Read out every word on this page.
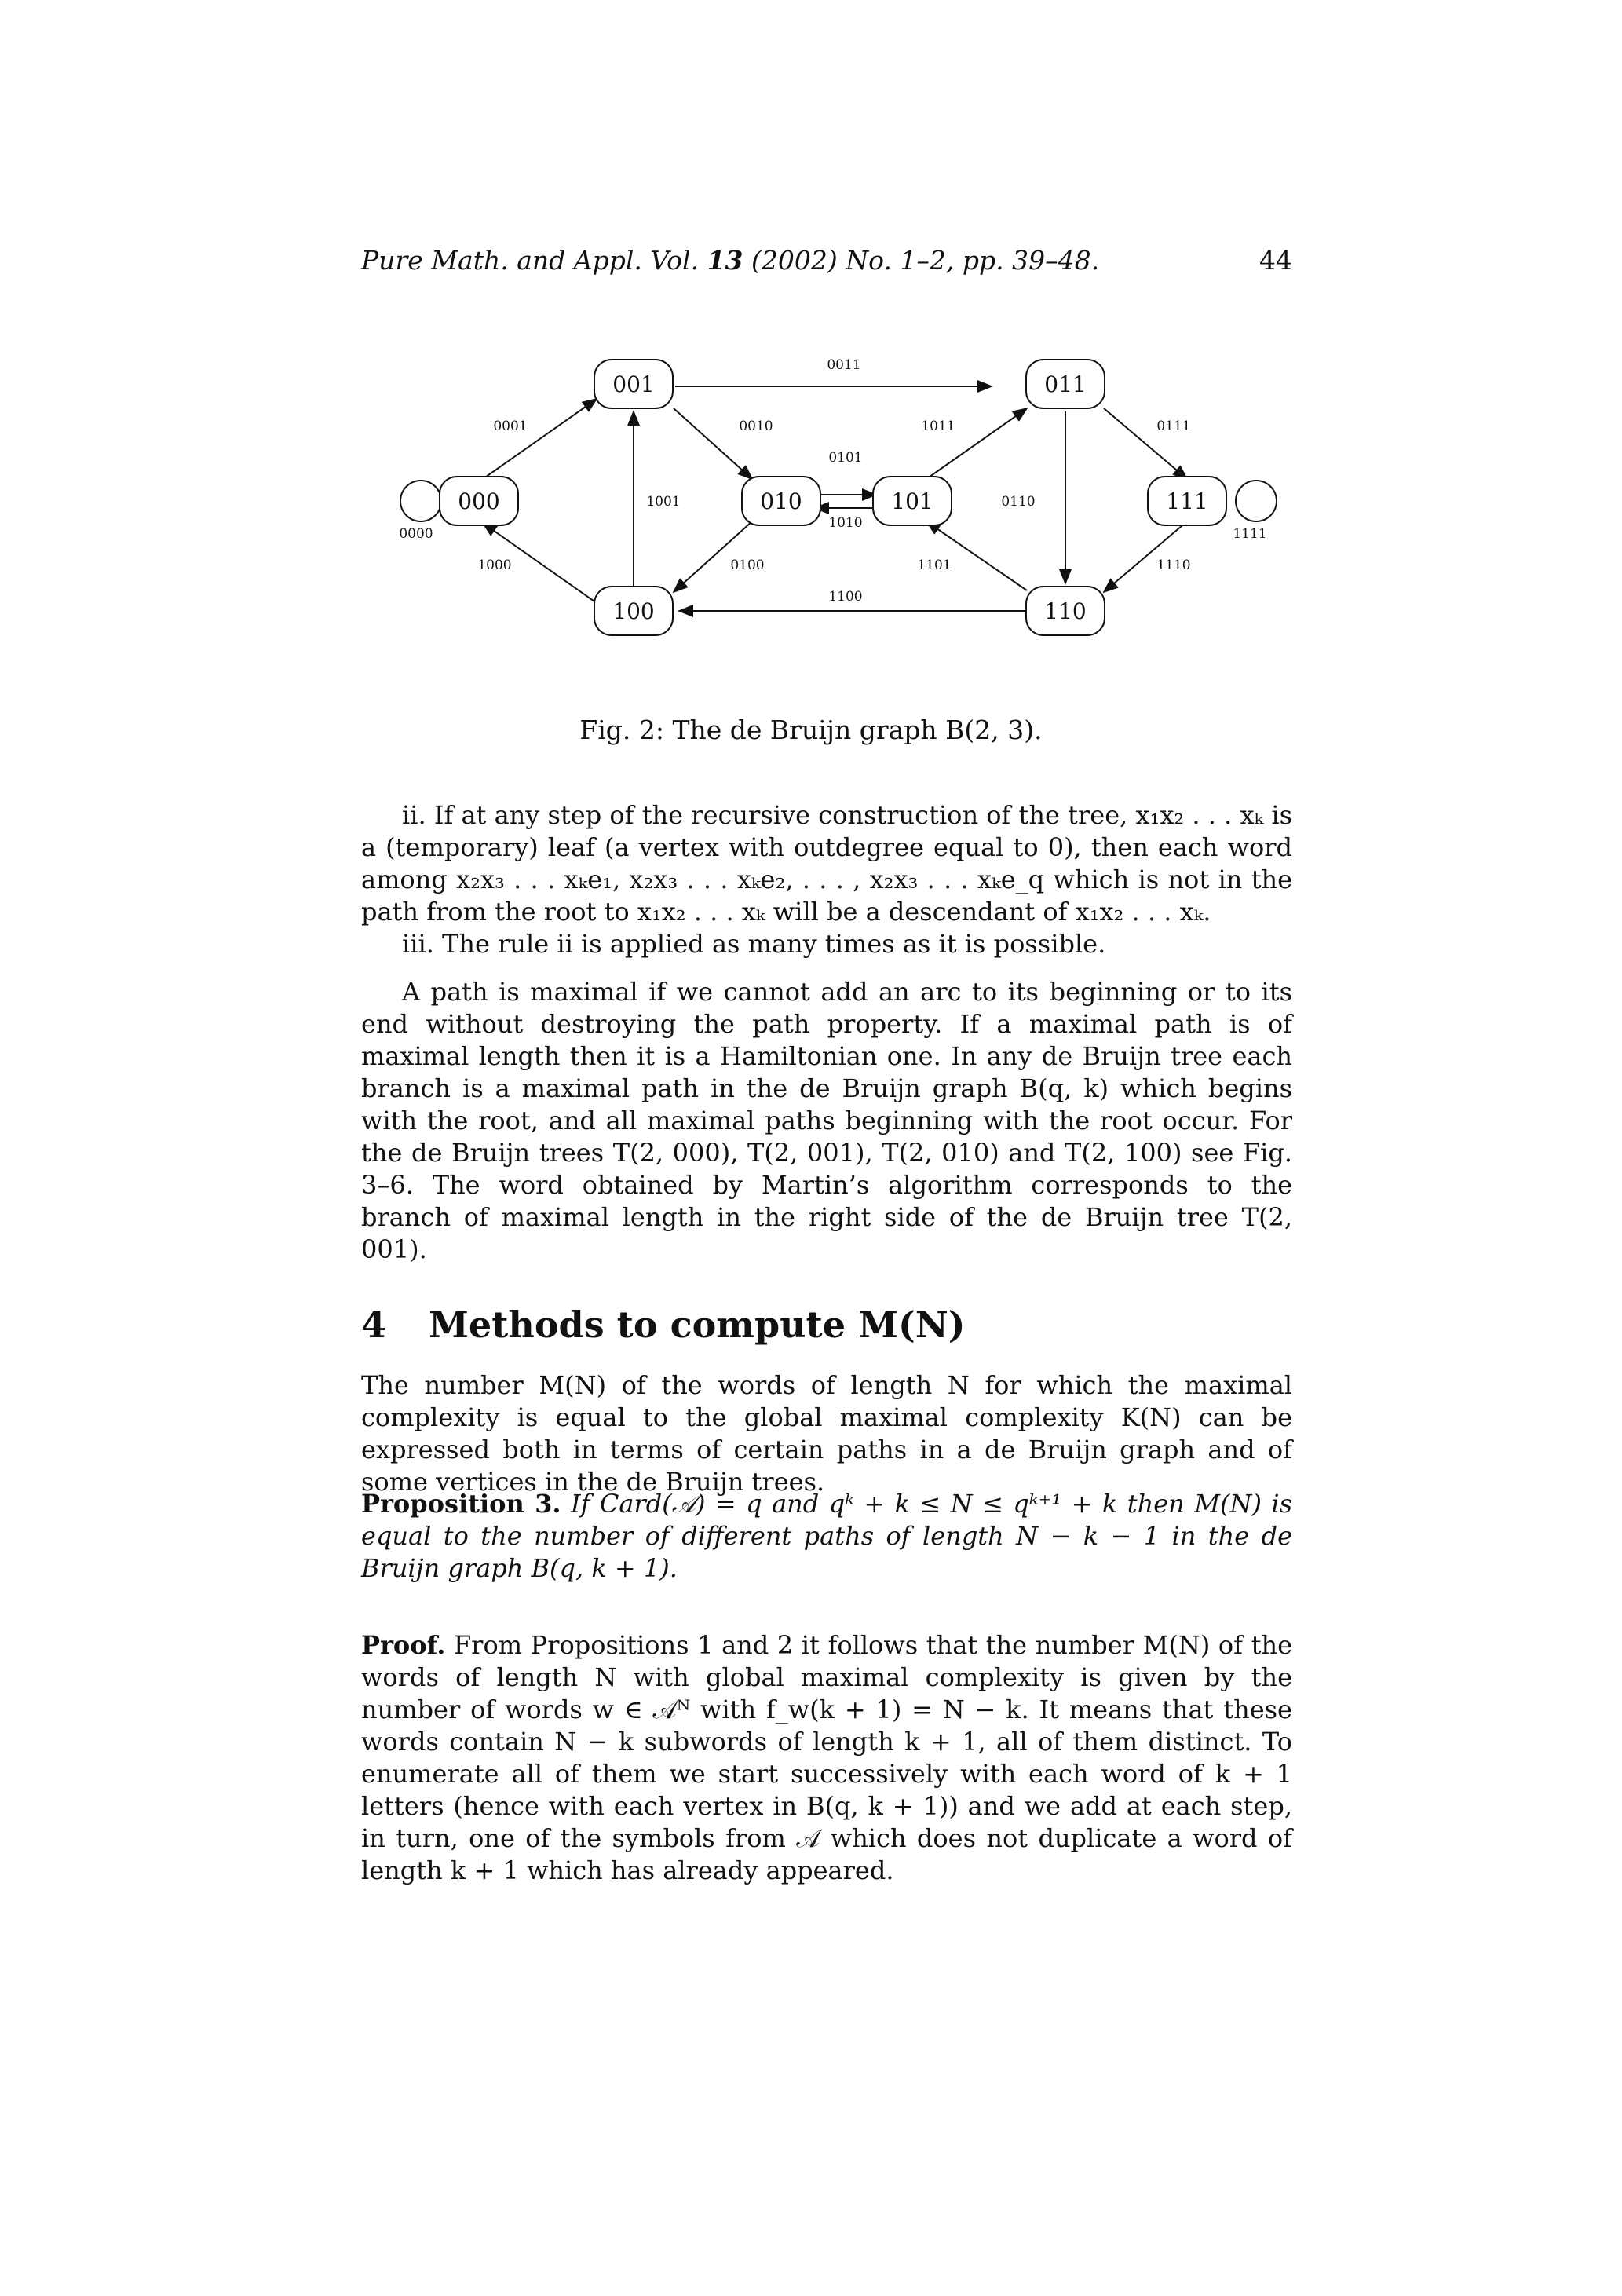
Pure Math. and Appl. Vol. 13 (2002) No. 1–2, pp. 39–48.	44
001	011
000	010	101	111
100	110
0011
0001	0010	1011	0111
0101
1001	0110
1010
0000	1111
1000	0100	1101	1110
1100
Fig. 2: The de Bruijn graph B(2, 3).

ii. If at any step of the recursive construction of the tree, x₁x₂ . . . xₖ is a (temporary) leaf (a vertex with outdegree equal to 0), then each word among x₂x₃ . . . xₖe₁, x₂x₃ . . . xₖe₂, . . . , x₂x₃ . . . xₖe_q which is not in the path from the root to x₁x₂ . . . xₖ will be a descendant of x₁x₂ . . . xₖ.

iii. The rule ii is applied as many times as it is possible.

A path is maximal if we cannot add an arc to its beginning or to its end without destroying the path property. If a maximal path is of maximal length then it is a Hamiltonian one. In any de Bruijn tree each branch is a maximal path in the de Bruijn graph B(q, k) which begins with the root, and all maximal paths beginning with the root occur. For the de Bruijn trees T(2, 000), T(2, 001), T(2, 010) and T(2, 100) see Fig. 3–6. The word obtained by Martin’s algorithm corresponds to the branch of maximal length in the right side of the de Bruijn tree T(2, 001).

4 Methods to compute M(N)

The number M(N) of the words of length N for which the maximal complexity is equal to the global maximal complexity K(N) can be expressed both in terms of certain paths in a de Bruijn graph and of some vertices in the de Bruijn trees.

Proposition 3. If Card(𝒜) = q and qᵏ + k ≤ N ≤ qᵏ⁺¹ + k then M(N) is equal to the number of different paths of length N − k − 1 in the de Bruijn graph B(q, k + 1).

Proof. From Propositions 1 and 2 it follows that the number M(N) of the words of length N with global maximal complexity is given by the number of words w ∈ 𝒜ᴺ with f_w(k + 1) = N − k. It means that these words contain N − k subwords of length k + 1, all of them distinct. To enumerate all of them we start successively with each word of k + 1 letters (hence with each vertex in B(q, k + 1)) and we add at each step, in turn, one of the symbols from 𝒜 which does not duplicate a word of length k + 1 which has already appeared.
